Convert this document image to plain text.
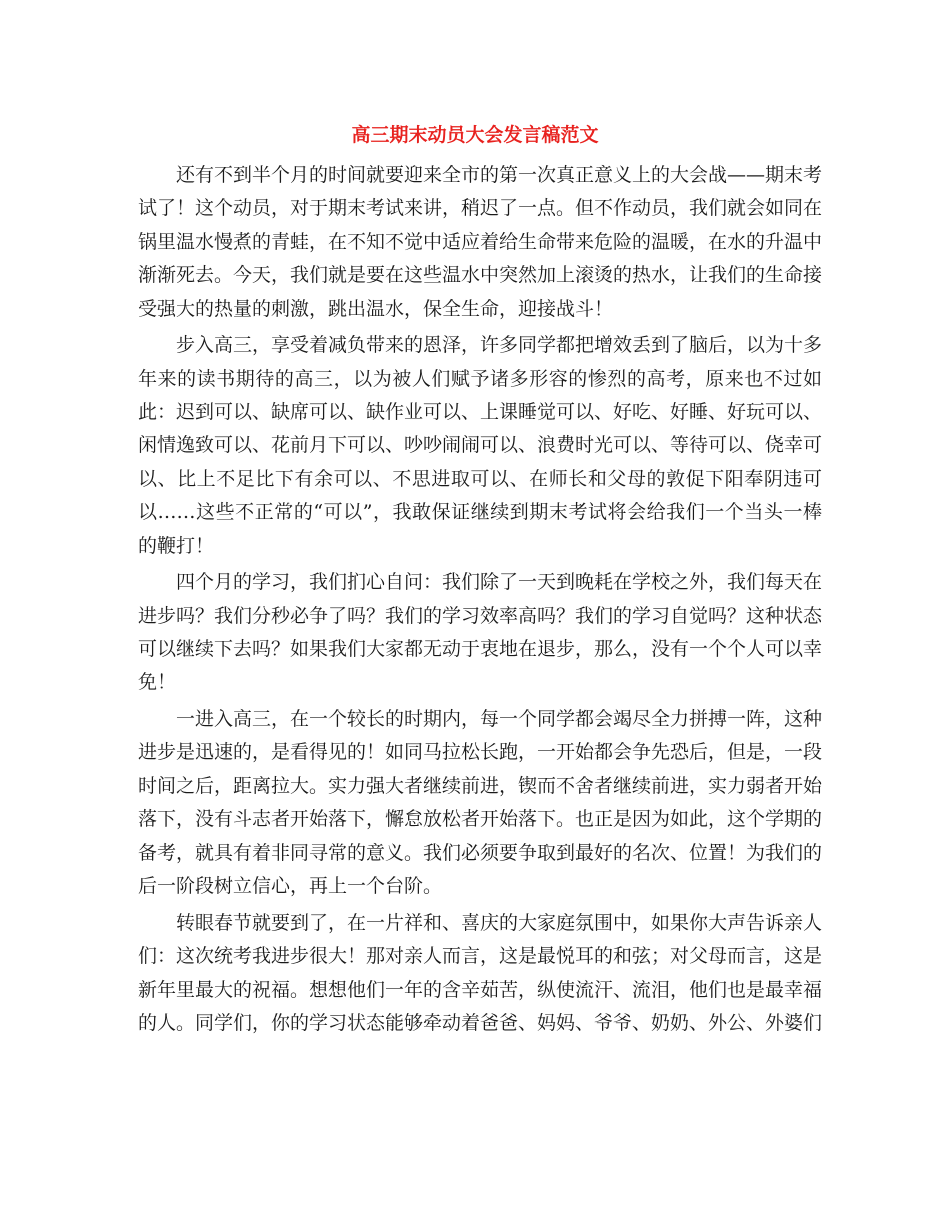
高三期末动员大会发言稿范文

还有不到半个月的时间就要迎来全市的第一次真正意义上的大会战——期末考试了！这个动员，对于期末考试来讲，稍迟了一点。但不作动员，我们就会如同在锅里温水慢煮的青蛙，在不知不觉中适应着给生命带来危险的温暖，在水的升温中渐渐死去。今天，我们就是要在这些温水中突然加上滚烫的热水，让我们的生命接受强大的热量的刺激，跳出温水，保全生命，迎接战斗！

步入高三，享受着减负带来的恩泽，许多同学都把增效丢到了脑后，以为十多年来的读书期待的高三，以为被人们赋予诸多形容的惨烈的高考，原来也不过如此：迟到可以、缺席可以、缺作业可以、上课睡觉可以、好吃、好睡、好玩可以、闲情逸致可以、花前月下可以、吵吵闹闹可以、浪费时光可以、等待可以、侥幸可以、比上不足比下有余可以、不思进取可以、在师长和父母的敦促下阳奉阴违可以……这些不正常的“可以”，我敢保证继续到期末考试将会给我们一个当头一棒的鞭打！

四个月的学习，我们扪心自问：我们除了一天到晚耗在学校之外，我们每天在进步吗？我们分秒必争了吗？我们的学习效率高吗？我们的学习自觉吗？这种状态可以继续下去吗？如果我们大家都无动于衷地在退步，那么，没有一个个人可以幸免！

一进入高三，在一个较长的时期内，每一个同学都会竭尽全力拼搏一阵，这种进步是迅速的，是看得见的！如同马拉松长跑，一开始都会争先恐后，但是，一段时间之后，距离拉大。实力强大者继续前进，锲而不舍者继续前进，实力弱者开始落下，没有斗志者开始落下，懈怠放松者开始落下。也正是因为如此，这个学期的备考，就具有着非同寻常的意义。我们必须要争取到最好的名次、位置！为我们的后一阶段树立信心，再上一个台阶。

转眼春节就要到了，在一片祥和、喜庆的大家庭氛围中，如果你大声告诉亲人们：这次统考我进步很大！那对亲人而言，这是最悦耳的和弦；对父母而言，这是新年里最大的祝福。想想他们一年的含辛茹苦，纵使流汗、流泪，他们也是最幸福的人。同学们，你的学习状态能够牵动着爸爸、妈妈、爷爷、奶奶、外公、外婆们
